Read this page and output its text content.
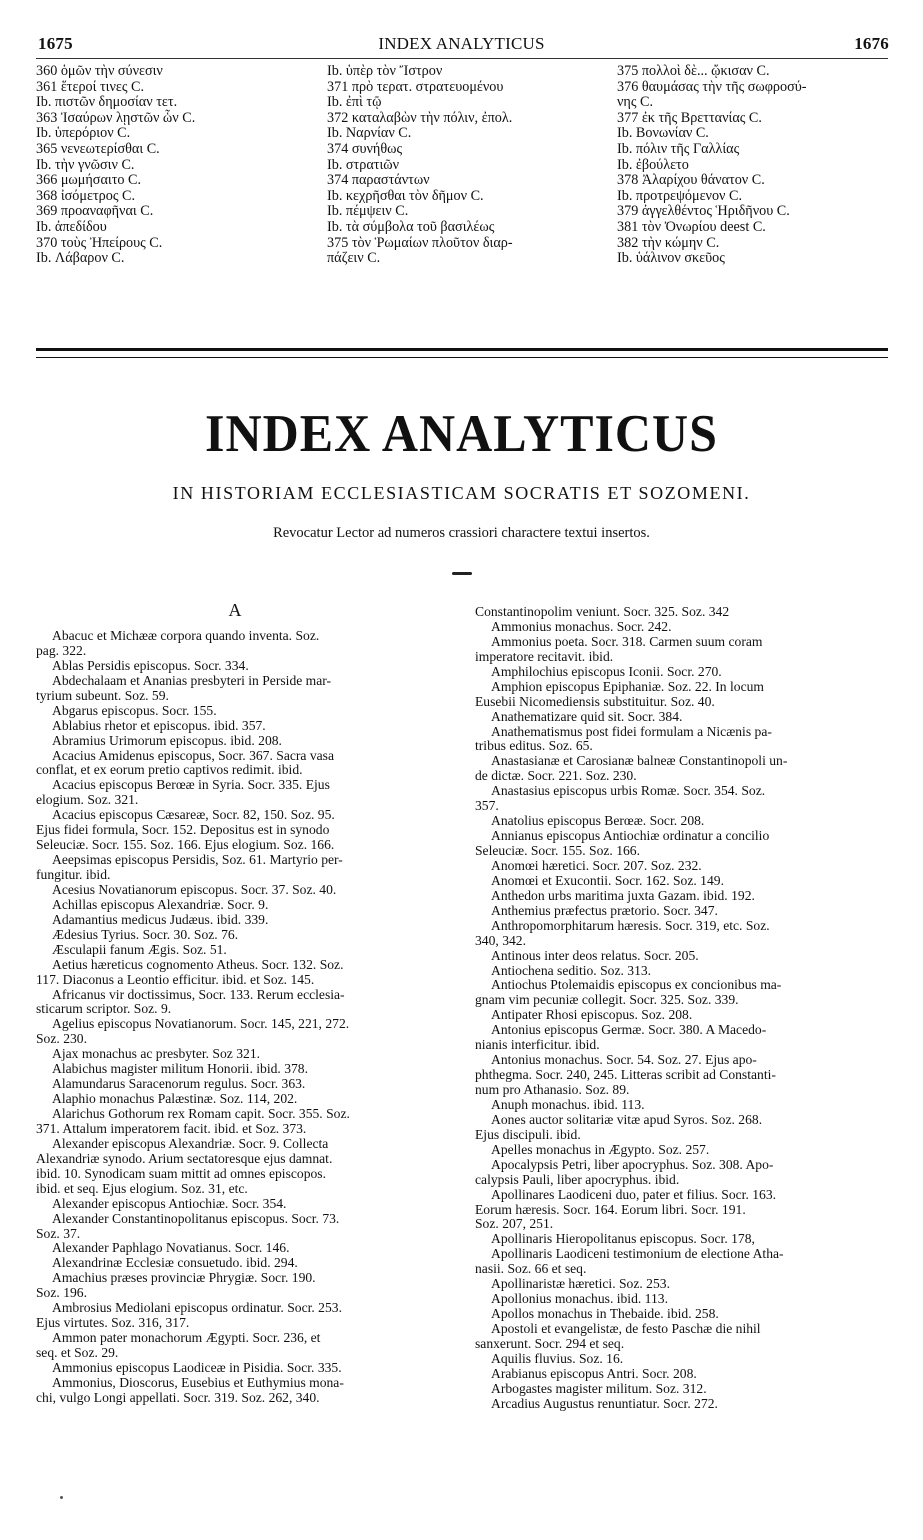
1675	INDEX ANALYTICUS	1676
360 ὁμῶν τὴν σύνεσιν
361 ἕτεροί τινες C.
Ib. πιστῶν δημοσίαν τετ.
363 Ἰσαύρων λῃστῶν ὧν C.
Ib. ὑπερόριον C.
365 νενεωτερίσθαι C.
Ib. τὴν γνῶσιν C.
366 μωμήσαιτο C.
368 ἰσόμετρος C.
369 προαναφῆναι C.
Ib. ἀπεδίδου
370 τοὺς Ἠπείρους C.
Ib. Λάβαρον C.
Ib. ὑπὲρ τὸν Ἴστρον
371 πρὸ τερατ. στρατευομένου
Ib. ἐπὶ τῷ
372 καταλαβὼν τὴν πόλιν, ἐπολ.
Ib. Ναρνίαν C.
374 συνήθως
Ib. στρατιῶν
374 παραστάντων
Ib. κεχρῆσθαι τὸν δῆμον C.
Ib. πέμψειν C.
Ib. τὰ σύμβολα τοῦ βασιλέως
375 τὸν Ῥωμαίων πλοῦτον διαρ-
πάζειν C.
375 πολλοὶ δὲ... ᾤκισαν C.
376 θαυμάσας τὴν τῆς σωφροσύ-
νης C.
377 ἐκ τῆς Βρεττανίας C.
Ib. Βονωνίαν C.
Ib. πόλιν τῆς Γαλλίας
Ib. ἐβούλετο
378 Ἀλαρίχου θάνατον C.
Ib. προτρεψόμενον C.
379 ἀγγελθέντος Ἡριδῆνου C.
381 τὸν Ὀνωρίου deest C.
382 τὴν κώμην C.
Ib. ὑάλινον σκεῦος
INDEX ANALYTICUS
IN HISTORIAM ECCLESIASTICAM SOCRATIS ET SOZOMENI.
Revocatur Lector ad numeros crassiori charactere textui insertos.
A
Abacuc et Michææ corpora quando inventa. Soz.
pag. 322.
Ablas Persidis episcopus. Socr. 334.
Abdechalaam et Ananias presbyteri in Perside mar-
tyrium subeunt. Soz. 59.
Abgarus episcopus. Socr. 155.
Ablabius rhetor et episcopus. ibid. 357.
Abramius Urimorum episcopus. ibid. 208.
Acacius Amidenus episcopus, Socr. 367. Sacra vasa
conflat, et ex eorum pretio captivos redimit. ibid.
Acacius episcopus Berœæ in Syria. Socr. 335. Ejus
elogium. Soz. 321.
Acacius episcopus Cæsareæ, Socr. 82, 150. Soz. 95.
Ejus fidei formula, Socr. 152. Depositus est in synodo
Seleuciæ. Socr. 155. Soz. 166. Ejus elogium. Soz. 166.
Aeepsimas episcopus Persidis, Soz. 61. Martyrio per-
fungitur. ibid.
Acesius Novatianorum episcopus. Socr. 37. Soz. 40.
Achillas episcopus Alexandriæ. Socr. 9.
Adamantius medicus Judæus. ibid. 339.
Ædesius Tyrius. Socr. 30. Soz. 76.
Æsculapii fanum Ægis. Soz. 51.
Aetius hæreticus cognomento Atheus. Socr. 132. Soz.
117. Diaconus a Leontio efficitur. ibid. et Soz. 145.
Africanus vir doctissimus, Socr. 133. Rerum ecclesia-
sticarum scriptor. Soz. 9.
Agelius episcopus Novatianorum. Socr. 145, 221, 272.
Soz. 230.
Ajax monachus ac presbyter. Soz 321.
Alabichus magister militum Honorii. ibid. 378.
Alamundarus Saracenorum regulus. Socr. 363.
Alaphio monachus Palæstinæ. Soz. 114, 202.
Alarichus Gothorum rex Romam capit. Socr. 355. Soz.
371. Attalum imperatorem facit. ibid. et Soz. 373.
Alexander episcopus Alexandriæ. Socr. 9. Collecta
Alexandriæ synodo. Arium sectatoresque ejus damnat.
ibid. 10. Synodicam suam mittit ad omnes episcopos.
ibid. et seq. Ejus elogium. Soz. 31, etc.
Alexander episcopus Antiochiæ. Socr. 354.
Alexander Constantinopolitanus episcopus. Socr. 73.
Soz. 37.
Alexander Paphlago Novatianus. Socr. 146.
Alexandrinæ Ecclesiæ consuetudo. ibid. 294.
Amachius præses provinciæ Phrygiæ. Socr. 190.
Soz. 196.
Ambrosius Mediolani episcopus ordinatur. Socr. 253.
Ejus virtutes. Soz. 316, 317.
Ammon pater monachorum Ægypti. Socr. 236, et
seq. et Soz. 29.
Ammonius episcopus Laodiceæ in Pisidia. Socr. 335.
Ammonius, Dioscorus, Eusebius et Euthymius mona-
chi, vulgo Longi appellati. Socr. 319. Soz. 262, 340.
Constantinopolim veniunt. Socr. 325. Soz. 342
Ammonius monachus. Socr. 242.
Ammonius poeta. Socr. 318. Carmen suum coram
imperatore recitavit. ibid.
Amphilochius episcopus Iconii. Socr. 270.
Amphion episcopus Epiphaniæ. Soz. 22. In locum
Eusebii Nicomediensis substituitur. Soz. 40.
Anathematizare quid sit. Socr. 384.
Anathematismus post fidei formulam a Nicænis pa-
tribus editus. Soz. 65.
Anastasianæ et Carosianæ balneæ Constantinopoli un-
de dictæ. Socr. 221. Soz. 230.
Anastasius episcopus urbis Romæ. Socr. 354. Soz.
357.
Anatolius episcopus Berœæ. Socr. 208.
Annianus episcopus Antiochiæ ordinatur a concilio
Seleuciæ. Socr. 155. Soz. 166.
Anomœi hæretici. Socr. 207. Soz. 232.
Anomœi et Exucontii. Socr. 162. Soz. 149.
Anthedon urbs maritima juxta Gazam. ibid. 192.
Anthemius præfectus prætorio. Socr. 347.
Anthropomorphitarum hæresis. Socr. 319, etc. Soz.
340, 342.
Antinous inter deos relatus. Socr. 205.
Antiochena seditio. Soz. 313.
Antiochus Ptolemaidis episcopus ex concionibus ma-
gnam vim pecuniæ collegit. Socr. 325. Soz. 339.
Antipater Rhosi episcopus. Soz. 208.
Antonius episcopus Germæ. Socr. 380. A Macedo-
nianis interficitur. ibid.
Antonius monachus. Socr. 54. Soz. 27. Ejus apo-
phthegma. Socr. 240, 245. Litteras scribit ad Constanti-
num pro Athanasio. Soz. 89.
Anuph monachus. ibid. 113.
Aones auctor solitariæ vitæ apud Syros. Soz. 268.
Ejus discipuli. ibid.
Apelles monachus in Ægypto. Soz. 257.
Apocalypsis Petri, liber apocryphus. Soz. 308. Apo-
calypsis Pauli, liber apocryphus. ibid.
Apollinares Laodiceni duo, pater et filius. Socr. 163.
Eorum hæresis. Socr. 164. Eorum libri. Socr. 191.
Soz. 207, 251.
Apollinaris Hieropolitanus episcopus. Socr. 178,
Apollinaris Laodiceni testimonium de electione Atha-
nasii. Soz. 66 et seq.
Apollinaristæ hæretici. Soz. 253.
Apollonius monachus. ibid. 113.
Apollos monachus in Thebaide. ibid. 258.
Apostoli et evangelistæ, de festo Paschæ die nihil
sanxerunt. Socr. 294 et seq.
Aquilis fluvius. Soz. 16.
Arabianus episcopus Antri. Socr. 208.
Arbogastes magister militum. Soz. 312.
Arcadius Augustus renuntiatur. Socr. 272.
